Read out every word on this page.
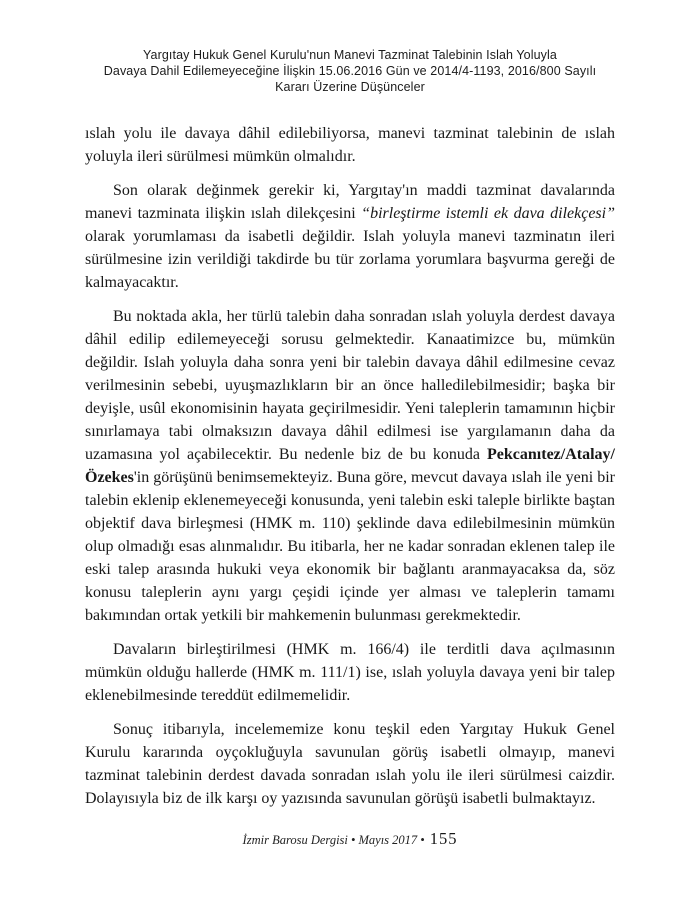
Yargıtay Hukuk Genel Kurulu'nun Manevi Tazminat Talebinin Islah Yoluyla
Davaya Dahil Edilemeyeceğine İlişkin 15.06.2016 Gün ve 2014/4-1193, 2016/800 Sayılı
Kararı Üzerine Düşünceler

ıslah yolu ile davaya dâhil edilebiliyorsa, manevi tazminat talebinin de ıslah yoluyla ileri sürülmesi mümkün olmalıdır.

Son olarak değinmek gerekir ki, Yargıtay'ın maddi tazminat davalarında manevi tazminata ilişkin ıslah dilekçesini “birleştirme istemli ek dava dilekçesi” olarak yorumlaması da isabetli değildir. Islah yoluyla manevi tazminatın ileri sürülmesine izin verildiği takdirde bu tür zorlama yorumlara başvurma gereği de kalmayacaktır.

Bu noktada akla, her türlü talebin daha sonradan ıslah yoluyla derdest davaya dâhil edilip edilemeyeceği sorusu gelmektedir. Kanaatimizce bu, mümkün değildir. Islah yoluyla daha sonra yeni bir talebin davaya dâhil edilmesine cevaz verilmesinin sebebi, uyuşmazlıkların bir an önce halledilebilmesidir; başka bir deyişle, usûl ekonomisinin hayata geçirilmesidir. Yeni taleplerin tamamının hiçbir sınırlamaya tabi olmaksızın davaya dâhil edilmesi ise yargılamanın daha da uzamasına yol açabilecektir. Bu nedenle biz de bu konuda Pekcanıtez/Atalay/ Özekes'in görüşünü benimsemekteyiz. Buna göre, mevcut davaya ıslah ile yeni bir talebin eklenip eklenemeyeceği konusunda, yeni talebin eski taleple birlikte baştan objektif dava birleşmesi (HMK m. 110) şeklinde dava edilebilmesinin mümkün olup olmadığı esas alınmalıdır. Bu itibarla, her ne kadar sonradan eklenen talep ile eski talep arasında hukuki veya ekonomik bir bağlantı aranmayacaksa da, söz konusu taleplerin aynı yargı çeşidi içinde yer alması ve taleplerin tamamı bakımından ortak yetkili bir mahkemenin bulunması gerekmektedir.

Davaların birleştirilmesi (HMK m. 166/4) ile terditli dava açılmasının mümkün olduğu hallerde (HMK m. 111/1) ise, ıslah yoluyla davaya yeni bir talep eklenebilmesinde tereddüt edilmemelidir.

Sonuç itibarıyla, incelememize konu teşkil eden Yargıtay Hukuk Genel Kurulu kararında oyçokluğuyla savunulan görüş isabetli olmayıp, manevi tazminat talebinin derdest davada sonradan ıslah yolu ile ileri sürülmesi caizdir. Dolayısıyla biz de ilk karşı oy yazısında savunulan görüşü isabetli bulmaktayız.

İzmir Barosu Dergisi • Mayıs 2017 • 155
